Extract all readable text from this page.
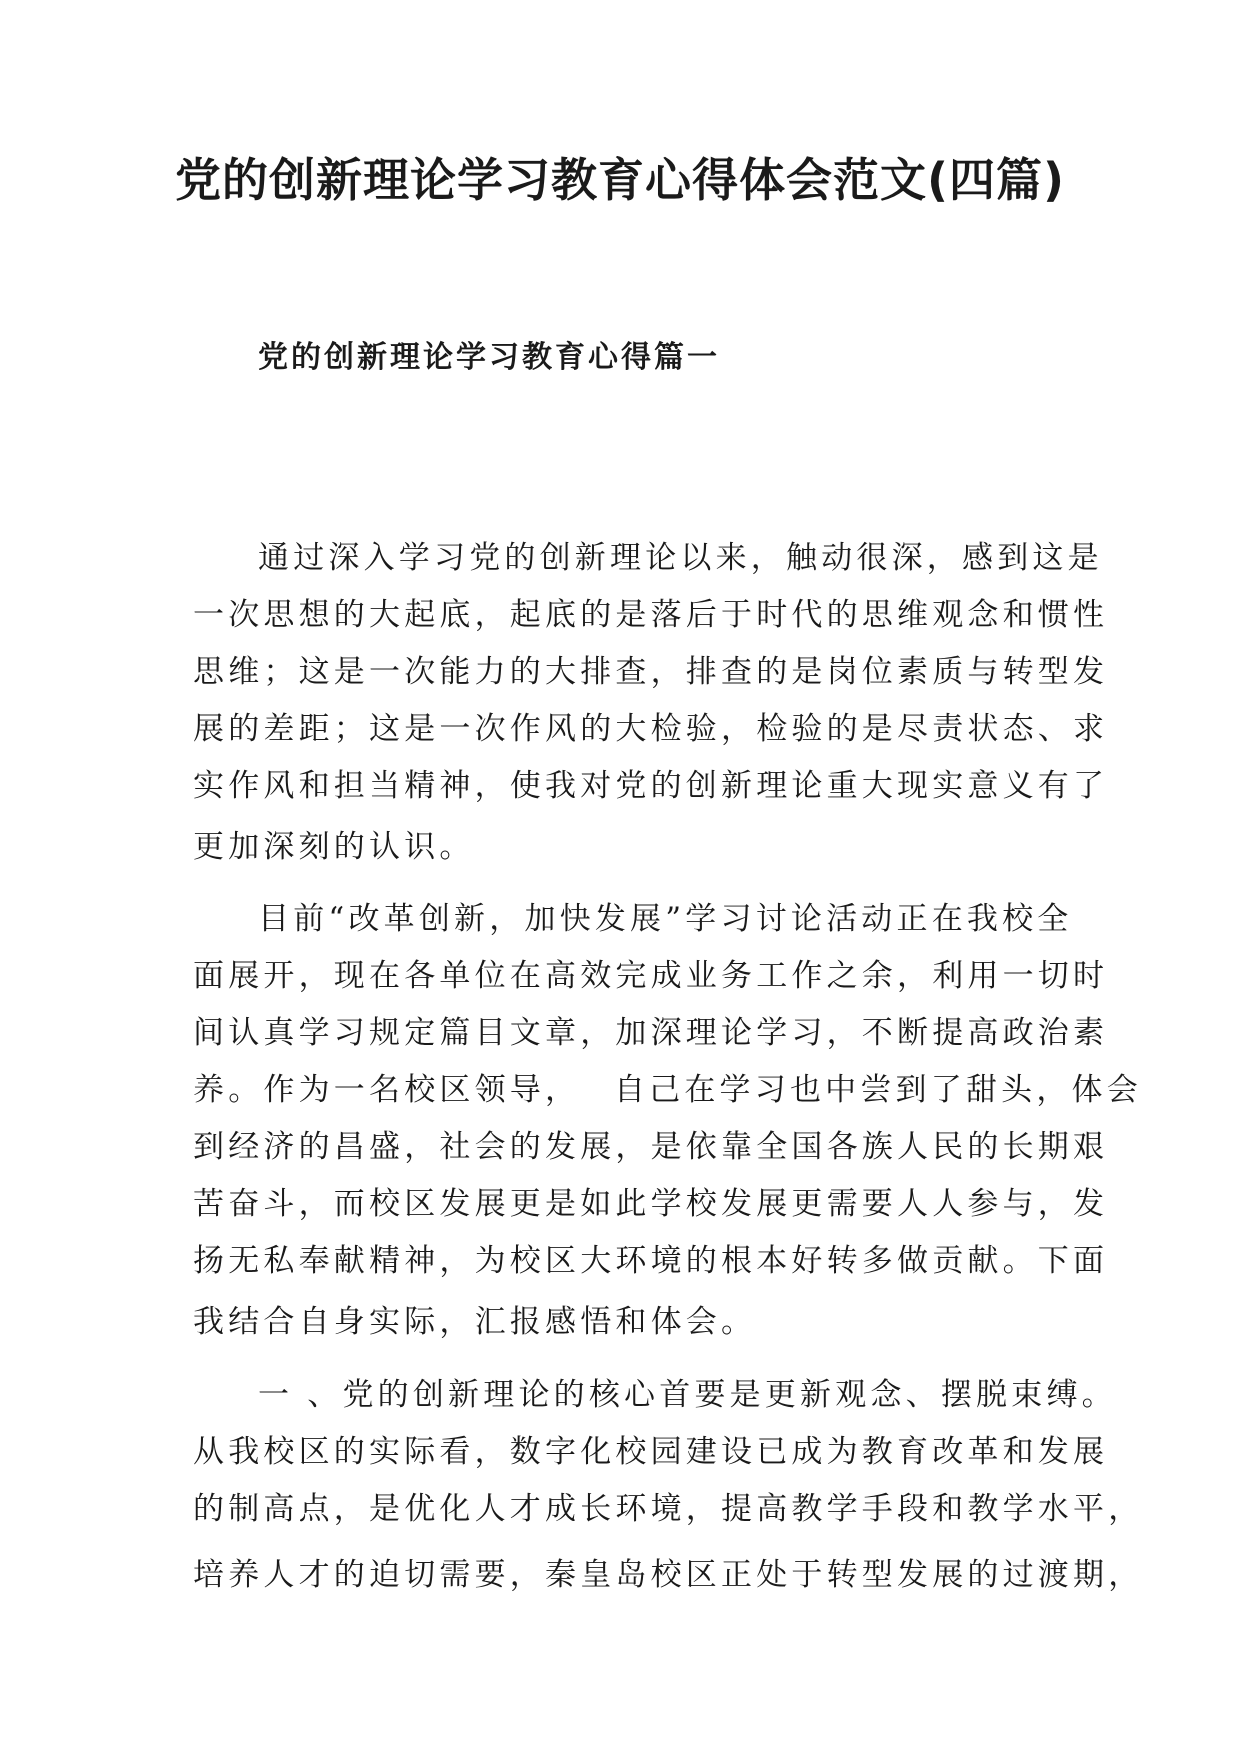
党的创新理论学习教育心得体会范文(四篇)
党的创新理论学习教育心得篇一

通过深入学习党的创新理论以来，触动很深，感到这是

一次思想的大起底，起底的是落后于时代的思维观念和惯性

思维；这是一次能力的大排查，排查的是岗位素质与转型发

展的差距；这是一次作风的大检验，检验的是尽责状态、求

实作风和担当精神，使我对党的创新理论重大现实意义有了

更加深刻的认识。

目前“改革创新，加快发展”学习讨论活动正在我校全

面展开，现在各单位在高效完成业务工作之余，利用一切时

间认真学习规定篇目文章，加深理论学习，不断提高政治素

养。作为一名校区领导，　 自己在学习也中尝到了甜头，体会

到经济的昌盛，社会的发展，是依靠全国各族人民的长期艰

苦奋斗，而校区发展更是如此学校发展更需要人人参与，发

扬无私奉献精神，为校区大环境的根本好转多做贡献。下面

我结合自身实际，汇报感悟和体会。

一 、党的创新理论的核心首要是更新观念、摆脱束缚。

从我校区的实际看，数字化校园建设已成为教育改革和发展

的制高点，是优化人才成长环境，提高教学手段和教学水平，

培养人才的迫切需要，秦皇岛校区正处于转型发展的过渡期，
